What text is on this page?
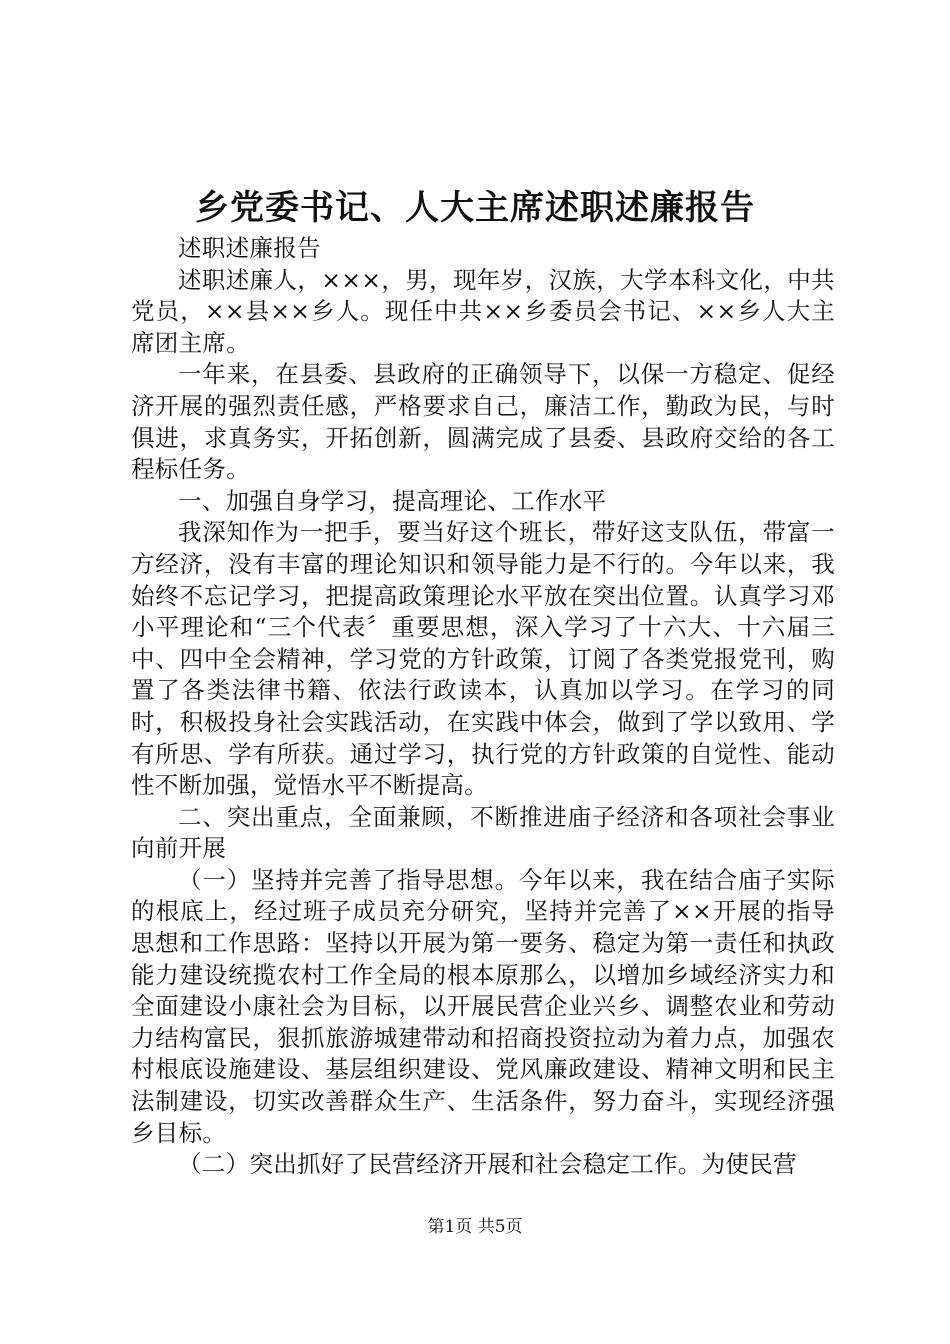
乡党委书记、人大主席述职述廉报告

述职述廉报告

述职述廉人，×××，男，现年岁，汉族，大学本科文化，中共党员，××县××乡人。现任中共××乡委员会书记、××乡人大主席团主席。

一年来，在县委、县政府的正确领导下，以保一方稳定、促经济开展的强烈责任感，严格要求自己，廉洁工作，勤政为民，与时俱进，求真务实，开拓创新，圆满完成了县委、县政府交给的各工程标任务。

一、加强自身学习，提高理论、工作水平

我深知作为一把手，要当好这个班长，带好这支队伍，带富一方经济，没有丰富的理论知识和领导能力是不行的。今年以来，我始终不忘记学习，把提高政策理论水平放在突出位置。认真学习邓小平理论和“三个代表〞重要思想，深入学习了十六大、十六届三中、四中全会精神，学习党的方针政策，订阅了各类党报党刊，购置了各类法律书籍、依法行政读本，认真加以学习。在学习的同时，积极投身社会实践活动，在实践中体会，做到了学以致用、学有所思、学有所获。通过学习，执行党的方针政策的自觉性、能动性不断加强，觉悟水平不断提高。

二、突出重点，全面兼顾，不断推进庙子经济和各项社会事业向前开展

（一）坚持并完善了指导思想。今年以来，我在结合庙子实际的根底上，经过班子成员充分研究，坚持并完善了××开展的指导思想和工作思路：坚持以开展为第一要务、稳定为第一责任和执政能力建设统揽农村工作全局的根本原那么，以增加乡域经济实力和全面建设小康社会为目标，以开展民营企业兴乡、调整农业和劳动力结构富民，狠抓旅游城建带动和招商投资拉动为着力点，加强农村根底设施建设、基层组织建设、党风廉政建设、精神文明和民主法制建设，切实改善群众生产、生活条件，努力奋斗，实现经济强乡目标。

（二）突出抓好了民营经济开展和社会稳定工作。为使民营

第1页 共5页
